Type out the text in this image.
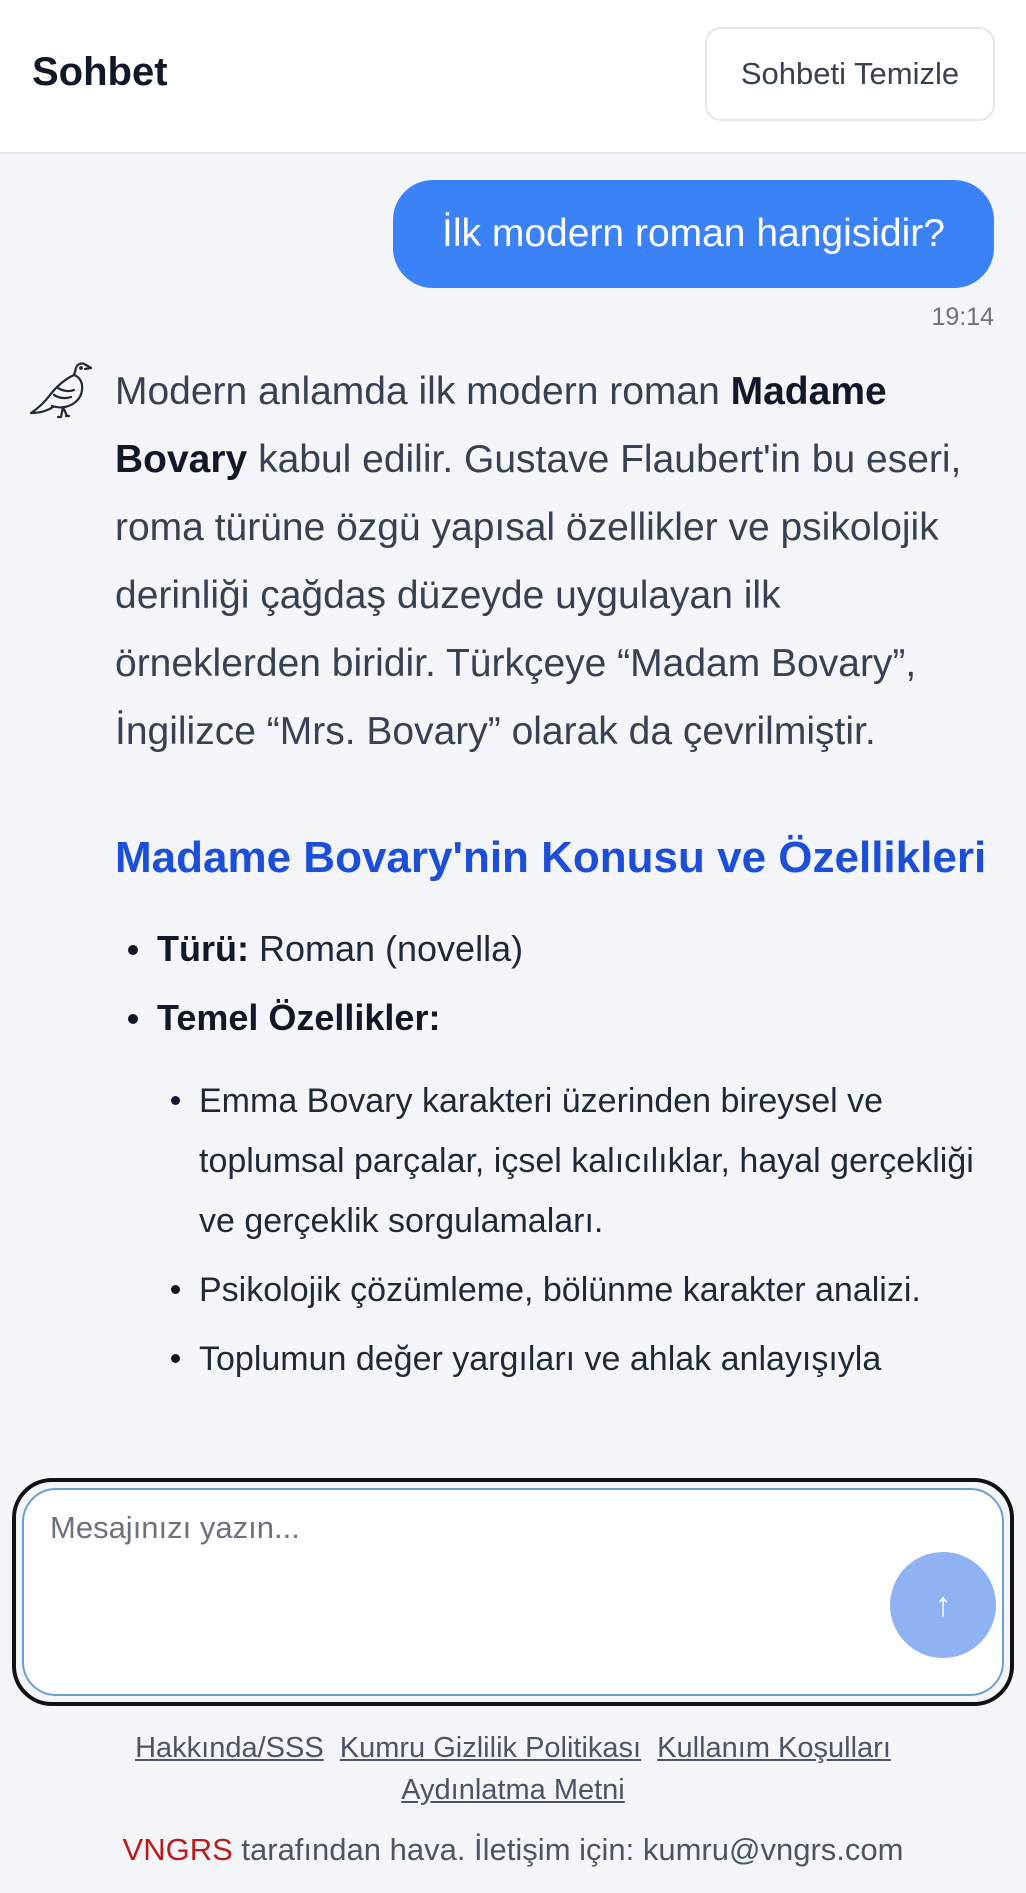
Sohbet	Sohbeti Temizle
İlk modern roman hangisidir?
19:14

Modern anlamda ilk modern roman Madame Bovary kabul edilir. Gustave Flaubert'in bu eseri, roma türüne özgü yapısal özellikler ve psikolojik derinliği çağdaş düzeyde uygulayan ilk örneklerden biridir. Türkçeye “Madam Bovary”, İngilizce “Mrs. Bovary” olarak da çevrilmiştir.

Madame Bovary'nin Konusu ve Özellikleri
Türü: Roman (novella)
Temel Özellikler:
Emma Bovary karakteri üzerinden bireysel ve toplumsal parçalar, içsel kalıcılıklar, hayal gerçekliği ve gerçeklik sorgulamaları.
Psikolojik çözümleme, bölünme karakter analizi.
Toplumun değer yargıları ve ahlak anlayışıyla
Mesajınızı yazın...
↑
Hakkında/SSS Kumru Gizlilik Politikası Kullanım Koşulları
Aydınlatma Metni
VNGRS tarafından hava. İletişim için: kumru@vngrs.com
